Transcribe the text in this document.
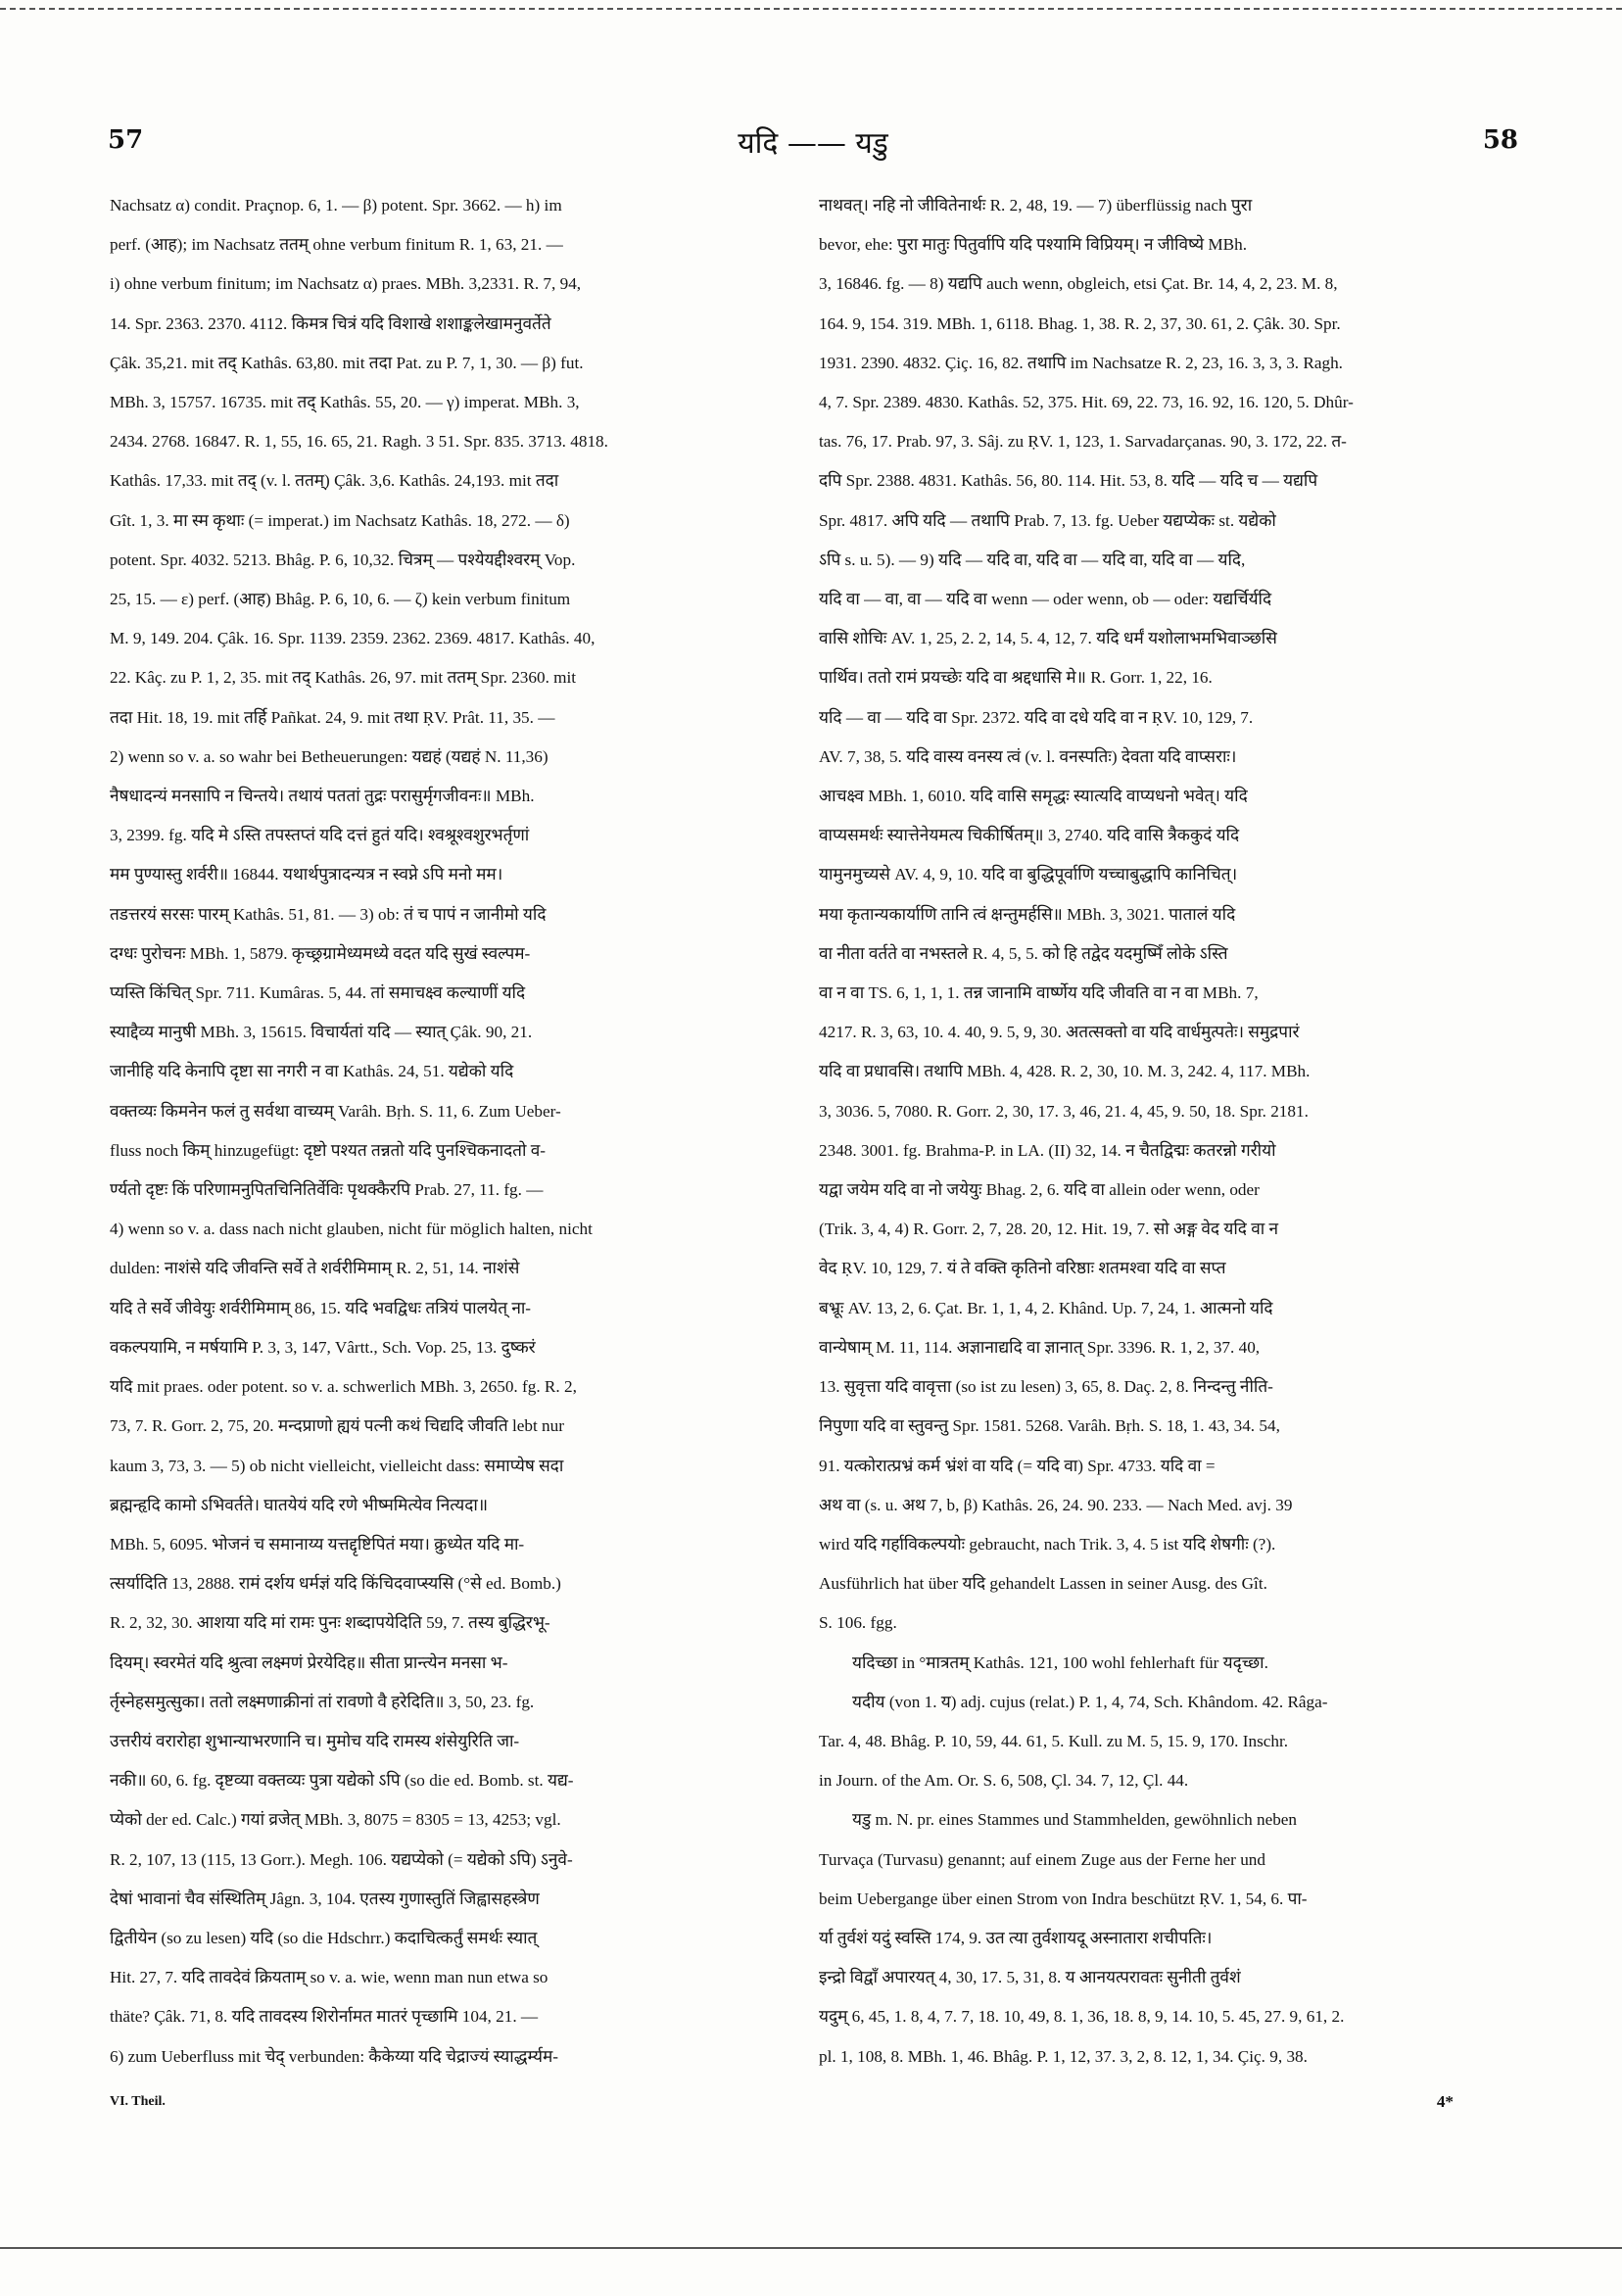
57	यदि —— यडु	58

Nachsatz α) condit. Praçnop. 6, 1. — β) potent. Spr. 3662. — h) im

perf. (आह); im Nachsatz ततम् ohne verbum finitum R. 1, 63, 21. —

i) ohne verbum finitum; im Nachsatz α) praes. MBh. 3,2331. R. 7, 94,

14. Spr. 2363. 2370. 4112. किमत्र चित्रं यदि विशाखे शशाङ्कलेखामनुवर्तेते

Çâk. 35,21. mit तद् Kathâs. 63,80. mit तदा Pat. zu P. 7, 1, 30. — β) fut.

MBh. 3, 15757. 16735. mit तद् Kathâs. 55, 20. — γ) imperat. MBh. 3,

2434. 2768. 16847. R. 1, 55, 16. 65, 21. Ragh. 3 51. Spr. 835. 3713. 4818.

Kathâs. 17,33. mit तद् (v. l. ततम्) Çâk. 3,6. Kathâs. 24,193. mit तदा

Gît. 1, 3. मा स्म कृथाः (= imperat.) im Nachsatz Kathâs. 18, 272. — δ)

potent. Spr. 4032. 5213. Bhâg. P. 6, 10,32. चित्रम् — पश्येयद्दीश्वरम् Vop.

25, 15. — ε) perf. (आह) Bhâg. P. 6, 10, 6. — ζ) kein verbum finitum

M. 9, 149. 204. Çâk. 16. Spr. 1139. 2359. 2362. 2369. 4817. Kathâs. 40,

22. Kâç. zu P. 1, 2, 35. mit तद् Kathâs. 26, 97. mit ततम् Spr. 2360. mit

तदा Hit. 18, 19. mit तर्हि Pañkat. 24, 9. mit तथा ṚV. Prât. 11, 35. —

2) wenn so v. a. so wahr bei Betheuerungen: यद्यहं (यद्यहं N. 11,36)

नैषधादन्यं मनसापि न चिन्तये। तथायं पततां तुद्रः परासुर्मृगजीवनः॥ MBh.

3, 2399. fg. यदि मे ऽस्ति तपस्तप्तं यदि दत्तं हुतं यदि। श्वश्रूश्वशुरभर्तृणां

मम पुण्यास्तु शर्वरी॥ 16844. यथार्थपुत्रादन्यत्र न स्वप्ने ऽपि मनो मम।

तडत्तरयं सरसः पारम् Kathâs. 51, 81. — 3) ob: तं च पापं न जानीमो यदि

दग्धः पुरोचनः MBh. 1, 5879. कृच्छ्रग्रामेध्यमध्ये वदत यदि सुखं स्वल्पम-

प्यस्ति किंचित् Spr. 711. Kumâras. 5, 44. तां समाचक्ष्व कल्याणीं यदि

स्याद्दैव्य मानुषी MBh. 3, 15615. विचार्यतां यदि — स्यात् Çâk. 90, 21.

जानीहि यदि केनापि दृष्टा सा नगरी न वा Kathâs. 24, 51. यद्येको यदि

वक्तव्यः किमनेन फलं तु सर्वथा वाच्यम् Varâh. Bṛh. S. 11, 6. Zum Ueber-

fluss noch किम् hinzugefügt: दृष्टो पश्यत तन्नतो यदि पुनश्चिकनादतो व-

र्ण्यतो दृष्टः किं परिणामनुपितचिनितिर्वेविः पृथक्कैरपि Prab. 27, 11. fg. —

4) wenn so v. a. dass nach nicht glauben, nicht für möglich halten, nicht

dulden: नाशंसे यदि जीवन्ति सर्वे ते शर्वरीमिमाम् R. 2, 51, 14. नाशंसे

यदि ते सर्वे जीवेयुः शर्वरीमिमाम् 86, 15. यदि भवद्विधः तत्रियं पालयेत् ना-

वकल्पयामि, न मर्षयामि P. 3, 3, 147, Vârtt., Sch. Vop. 25, 13. दुष्करं

यदि mit praes. oder potent. so v. a. schwerlich MBh. 3, 2650. fg. R. 2,

73, 7. R. Gorr. 2, 75, 20. मन्दप्राणो ह्ययं पत्नी कथं चिद्यदि जीवति lebt nur

kaum 3, 73, 3. — 5) ob nicht vielleicht, vielleicht dass: समाप्येष सदा

ब्रह्मन्हृदि कामो ऽभिवर्तते। घातयेयं यदि रणे भीष्ममित्येव नित्यदा॥

MBh. 5, 6095. भोजनं च समानाय्य यत्तद्दृष्टिपितं मया। क्रुध्येत यदि मा-

त्सर्यादिति 13, 2888. रामं दर्शय धर्मज्ञं यदि किंचिदवाप्स्यसि (°से ed. Bomb.)

R. 2, 32, 30. आशया यदि मां रामः पुनः शब्दापयेदिति 59, 7. तस्य बुद्धिरभू-

दियम्। स्वरमेतं यदि श्रुत्वा लक्ष्मणं प्रेरयेदिह॥ सीता प्रान्त्येन मनसा भ-

र्तृस्नेहसमुत्सुका। ततो लक्ष्मणाक्रीनां तां रावणो वै हरेदिति॥ 3, 50, 23. fg.

उत्तरीयं वरारोहा शुभान्याभरणानि च। मुमोच यदि रामस्य शंसेयुरिति जा-

नकी॥ 60, 6. fg. दृष्टव्या वक्तव्यः पुत्रा यद्येको ऽपि (so die ed. Bomb. st. यद्य-

प्येको der ed. Calc.) गयां व्रजेत् MBh. 3, 8075 = 8305 = 13, 4253; vgl.

R. 2, 107, 13 (115, 13 Gorr.). Megh. 106. यद्यप्येको (= यद्येको ऽपि) ऽनुवे-

देषां भावानां चैव संस्थितिम् Jâgn. 3, 104. एतस्य गुणास्तुतिं जिह्वासहस्त्रेण

द्वितीयेन (so zu lesen) यदि (so die Hdschrr.) कदाचित्कर्तुं समर्थः स्यात्

Hit. 27, 7. यदि तावदेवं क्रियताम् so v. a. wie, wenn man nun etwa so

thäte? Çâk. 71, 8. यदि तावदस्य शिरोर्नामत मातरं पृच्छामि 104, 21. —

6) zum Ueberfluss mit चेद् verbunden: कैकेय्या यदि चेद्राज्यं स्याद्धर्म्यम-

VI. Theil.

नाथवत्। नहि नो जीवितेनार्थः R. 2, 48, 19. — 7) überflüssig nach पुरा

bevor, ehe: पुरा मातुः पितुर्वापि यदि पश्यामि विप्रियम्। न जीविष्ये MBh.

3, 16846. fg. — 8) यद्यपि auch wenn, obgleich, etsi Çat. Br. 14, 4, 2, 23. M. 8,

164. 9, 154. 319. MBh. 1, 6118. Bhag. 1, 38. R. 2, 37, 30. 61, 2. Çâk. 30. Spr.

1931. 2390. 4832. Çiç. 16, 82. तथापि im Nachsatze R. 2, 23, 16. 3, 3, 3. Ragh.

4, 7. Spr. 2389. 4830. Kathâs. 52, 375. Hit. 69, 22. 73, 16. 92, 16. 120, 5. Dhûr-

tas. 76, 17. Prab. 97, 3. Sâj. zu ṚV. 1, 123, 1. Sarvadarçanas. 90, 3. 172, 22. त-

दपि Spr. 2388. 4831. Kathâs. 56, 80. 114. Hit. 53, 8. यदि — यदि च — यद्यपि

Spr. 4817. अपि यदि — तथापि Prab. 7, 13. fg. Ueber यद्यप्येकः st. यद्येको

ऽपि s. u. 5). — 9) यदि — यदि वा, यदि वा — यदि वा, यदि वा — यदि,

यदि वा — वा, वा — यदि वा wenn — oder wenn, ob — oder: यद्यर्चिर्यदि

वासि शोचिः AV. 1, 25, 2. 2, 14, 5. 4, 12, 7. यदि धर्मं यशोलाभमभिवाञ्छसि

पार्थिव। ततो रामं प्रयच्छेः यदि वा श्रद्दधासि मे॥ R. Gorr. 1, 22, 16.

यदि — वा — यदि वा Spr. 2372. यदि वा दधे यदि वा न ṚV. 10, 129, 7.

AV. 7, 38, 5. यदि वास्य वनस्य त्वं (v. l. वनस्पतिः) देवता यदि वाप्सराः।

आचक्ष्व MBh. 1, 6010. यदि वासि समृद्धः स्यात्यदि वाप्यधनो भवेत्। यदि

वाप्यसमर्थः स्यात्तेनेयमत्य चिकीर्षितम्॥ 3, 2740. यदि वासि त्रैककुदं यदि

यामुनमुच्यसे AV. 4, 9, 10. यदि वा बुद्धिपूर्वाणि यच्चाबुद्धापि कानिचित्।

मया कृतान्यकार्याणि तानि त्वं क्षन्तुमर्हसि॥ MBh. 3, 3021. पातालं यदि

वा नीता वर्तते वा नभस्तले R. 4, 5, 5. को हि तद्वेद यदमुष्मिँ लोके ऽस्ति

वा न वा TS. 6, 1, 1, 1. तन्न जानामि वार्ष्णेय यदि जीवति वा न वा MBh. 7,

4217. R. 3, 63, 10. 4. 40, 9. 5, 9, 30. अतत्सक्तो वा यदि वार्धमुत्पतेः। समुद्रपारं

यदि वा प्रधावसि। तथापि MBh. 4, 428. R. 2, 30, 10. M. 3, 242. 4, 117. MBh.

3, 3036. 5, 7080. R. Gorr. 2, 30, 17. 3, 46, 21. 4, 45, 9. 50, 18. Spr. 2181.

2348. 3001. fg. Brahma-P. in LA. (II) 32, 14. न चैतद्विद्मः कतरन्नो गरीयो

यद्वा जयेम यदि वा नो जयेयुः Bhag. 2, 6. यदि वा allein oder wenn, oder

(Trik. 3, 4, 4) R. Gorr. 2, 7, 28. 20, 12. Hit. 19, 7. सो अङ्ग वेद यदि वा न

वेद ṚV. 10, 129, 7. यं ते वक्ति कृतिनो वरिष्ठाः शतमश्वा यदि वा सप्त

बभ्रूः AV. 13, 2, 6. Çat. Br. 1, 1, 4, 2. Khând. Up. 7, 24, 1. आत्मनो यदि

वान्येषाम् M. 11, 114. अज्ञानाद्यदि वा ज्ञानात् Spr. 3396. R. 1, 2, 37. 40,

13. सुवृत्ता यदि वावृत्ता (so ist zu lesen) 3, 65, 8. Daç. 2, 8. निन्दन्तु नीति-

निपुणा यदि वा स्तुवन्तु Spr. 1581. 5268. Varâh. Bṛh. S. 18, 1. 43, 34. 54,

91. यत्कोरात्प्रभ्रं कर्म भ्रंशं वा यदि (= यदि वा) Spr. 4733. यदि वा =

अथ वा (s. u. अथ 7, b, β) Kathâs. 26, 24. 90. 233. — Nach Med. avj. 39

wird यदि गर्हाविकल्पयोः gebraucht, nach Trik. 3, 4. 5 ist यदि शेषगीः (?).

Ausführlich hat über यदि gehandelt Lassen in seiner Ausg. des Gît.

S. 106. fgg.

यदिच्छा in °मात्रतम् Kathâs. 121, 100 wohl fehlerhaft für यदृच्छा.

यदीय (von 1. य) adj. cujus (relat.) P. 1, 4, 74, Sch. Khândom. 42. Râga-

Tar. 4, 48. Bhâg. P. 10, 59, 44. 61, 5. Kull. zu M. 5, 15. 9, 170. Inschr.

in Journ. of the Am. Or. S. 6, 508, Çl. 34. 7, 12, Çl. 44.

यडु m. N. pr. eines Stammes und Stammhelden, gewöhnlich neben

Turvaça (Turvasu) genannt; auf einem Zuge aus der Ferne her und

beim Uebergange über einen Strom von Indra beschützt ṚV. 1, 54, 6. पा-

र्या तुर्वशं यदुं स्वस्ति 174, 9. उत त्या तुर्वशायदू अस्नातारा शचीपतिः।

इन्द्रो विद्वाँ अपारयत् 4, 30, 17. 5, 31, 8. य आनयत्परावतः सुनीती तुर्वशं

यदुम् 6, 45, 1. 8, 4, 7. 7, 18. 10, 49, 8. 1, 36, 18. 8, 9, 14. 10, 5. 45, 27. 9, 61, 2.

pl. 1, 108, 8. MBh. 1, 46. Bhâg. P. 1, 12, 37. 3, 2, 8. 12, 1, 34. Çiç. 9, 38.

4*
